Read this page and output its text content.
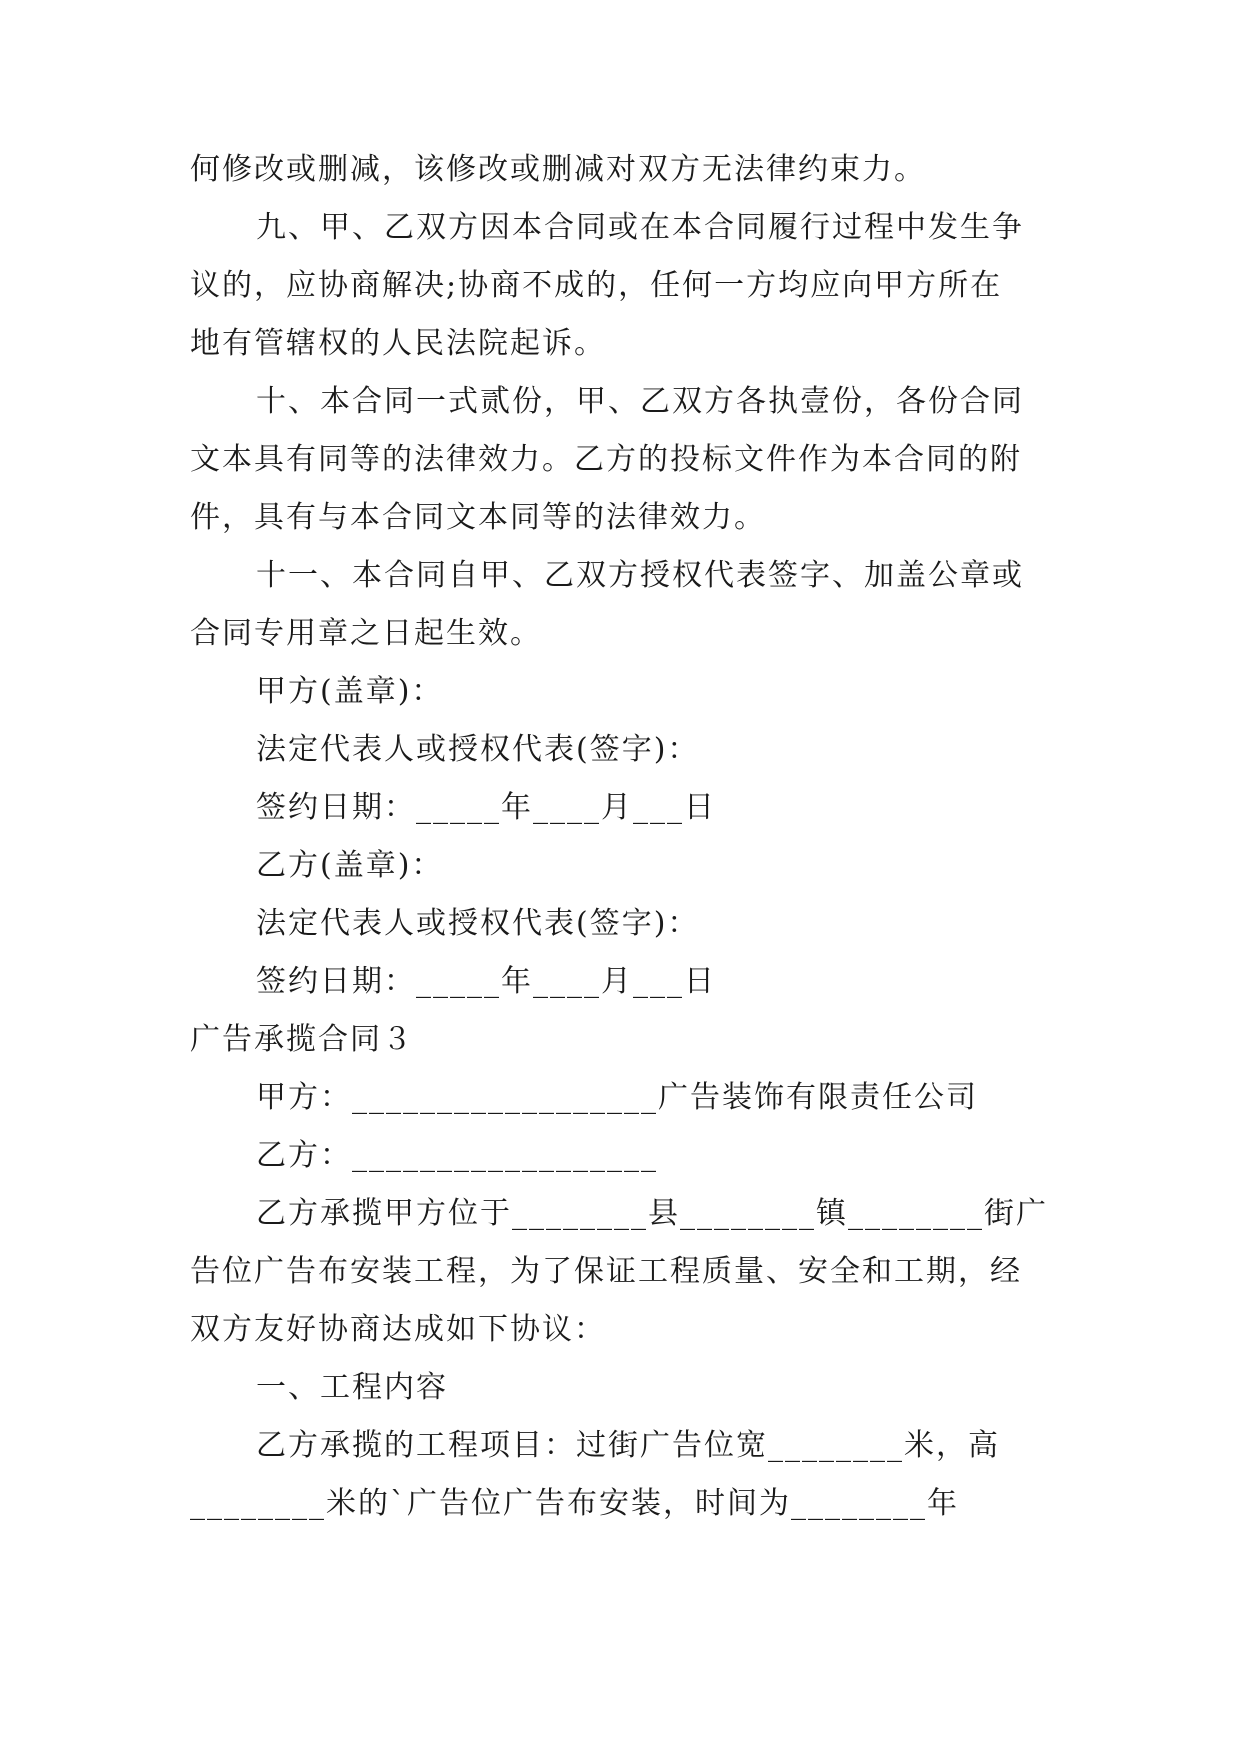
何修改或删减，该修改或删减对双方无法律约束力。
九、甲、乙双方因本合同或在本合同履行过程中发生争
议的，应协商解决;协商不成的，任何一方均应向甲方所在
地有管辖权的人民法院起诉。
十、本合同一式贰份，甲、乙双方各执壹份，各份合同
文本具有同等的法律效力。乙方的投标文件作为本合同的附
件，具有与本合同文本同等的法律效力。
十一、本合同自甲、乙双方授权代表签字、加盖公章或
合同专用章之日起生效。
甲方(盖章)：
法定代表人或授权代表(签字)：
签约日期：_____年____月___日
乙方(盖章)：
法定代表人或授权代表(签字)：
签约日期：_____年____月___日
广告承揽合同３
甲方：__________________广告装饰有限责任公司
乙方：__________________
乙方承揽甲方位于________县________镇________街广
告位广告布安装工程，为了保证工程质量、安全和工期，经
双方友好协商达成如下协议：
一、工程内容
乙方承揽的工程项目：过街广告位宽________米，高
________米的`广告位广告布安装，时间为________年
